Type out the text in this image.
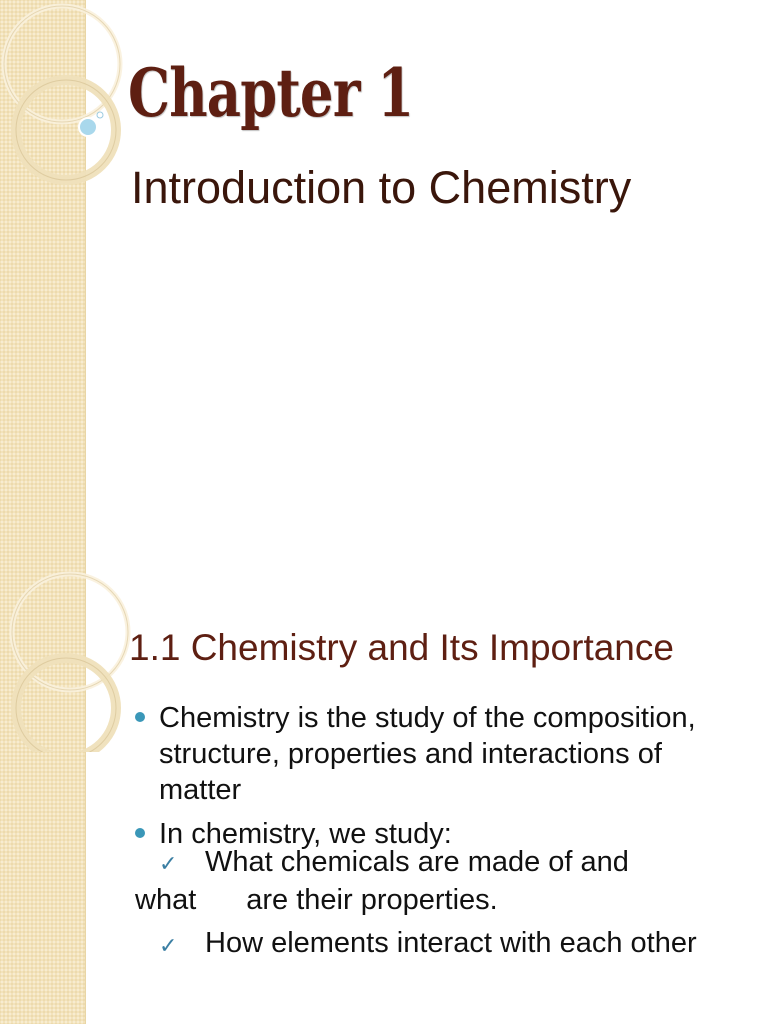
Chapter 1
Introduction to Chemistry
1.1 Chemistry and Its Importance
Chemistry is the study of the composition, structure, properties and interactions of matter
In chemistry, we study:
✓ What chemicals are made of and
what are their properties.
✓ How elements interact with each other
